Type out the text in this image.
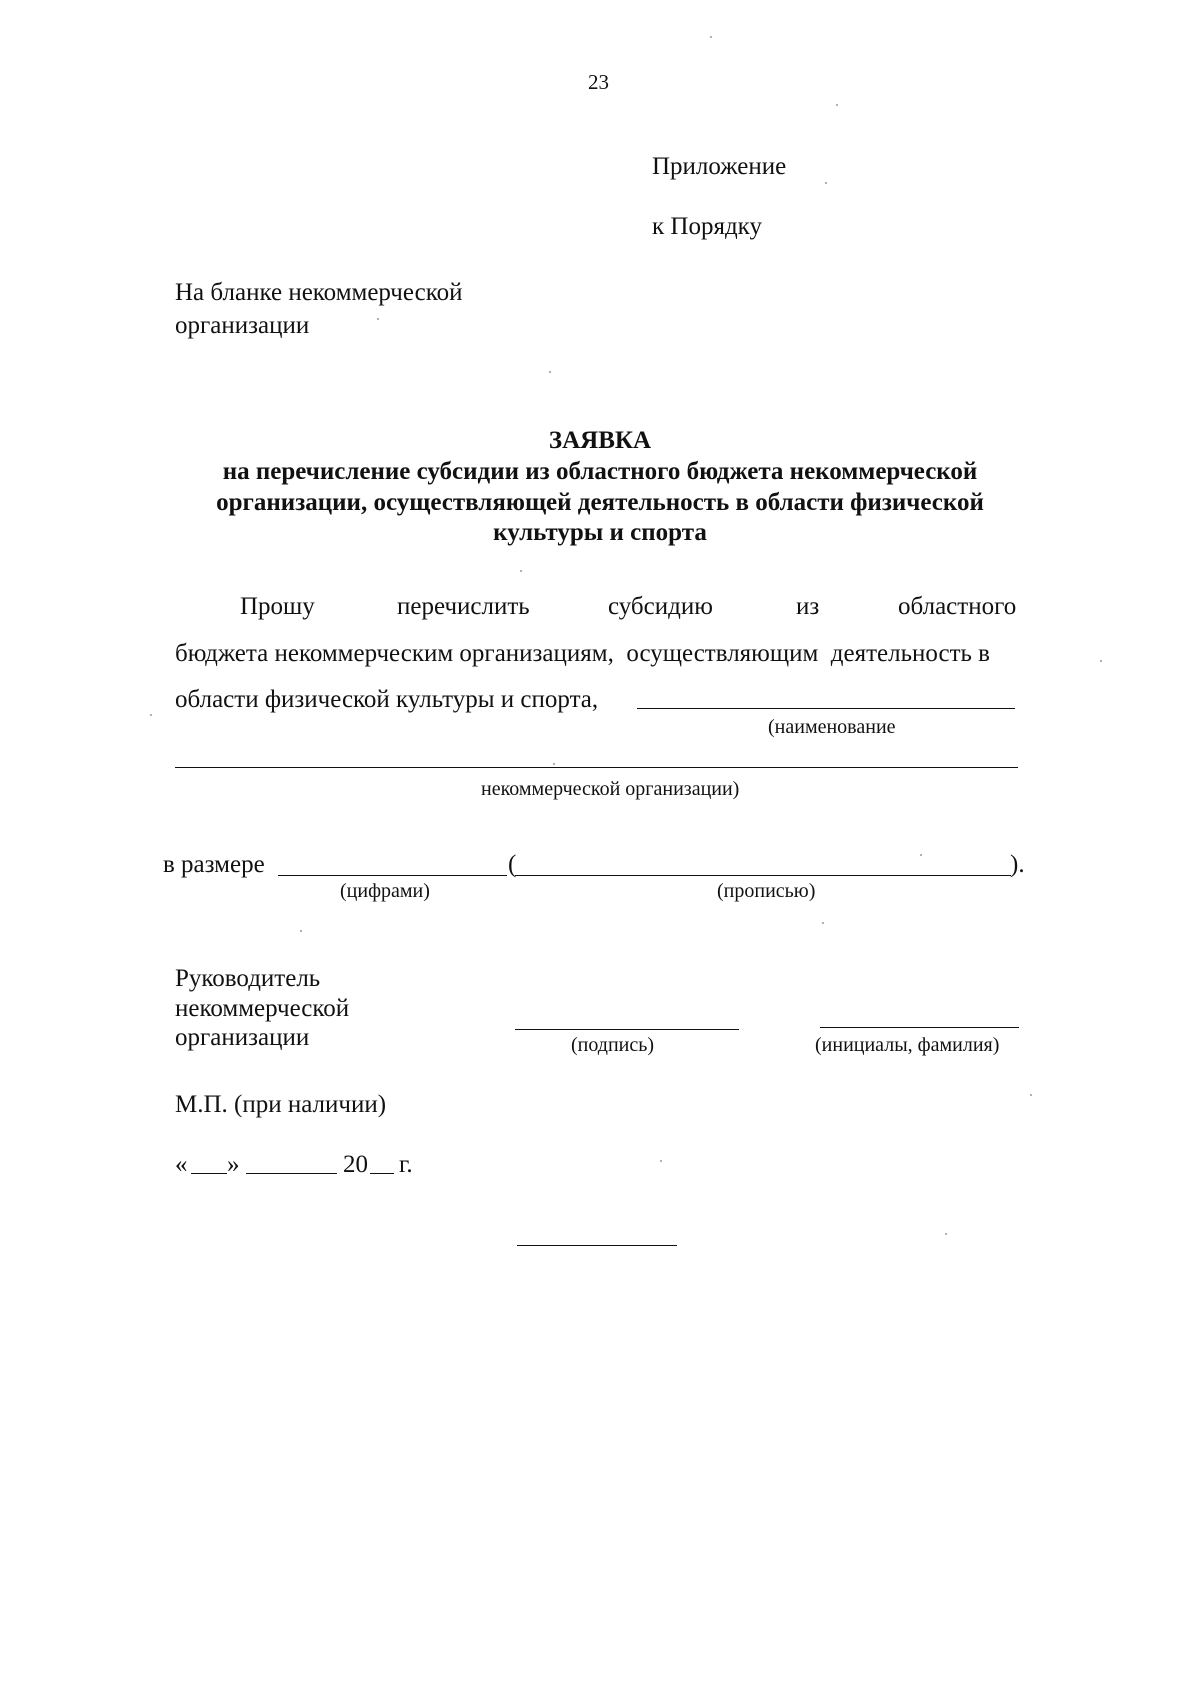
23
Приложение
к Порядку
На бланке некоммерческой
организации
ЗАЯВКА
на перечисление субсидии из областного бюджета некоммерческой
организации, осуществляющей деятельность в области физической
культуры и спорта
Прошу	перечислить	субсидию	из	областного
бюджета некоммерческим организациям,  осуществляющим  деятельность в
области физической культуры и спорта,
(наименование
некоммерческой организации)
в размере	(	).
(цифрами)	(прописью)
Руководитель
некоммерческой
организации	(подпись)	(инициалы, фамилия)
М.П. (при наличии)
« »	20 г.
